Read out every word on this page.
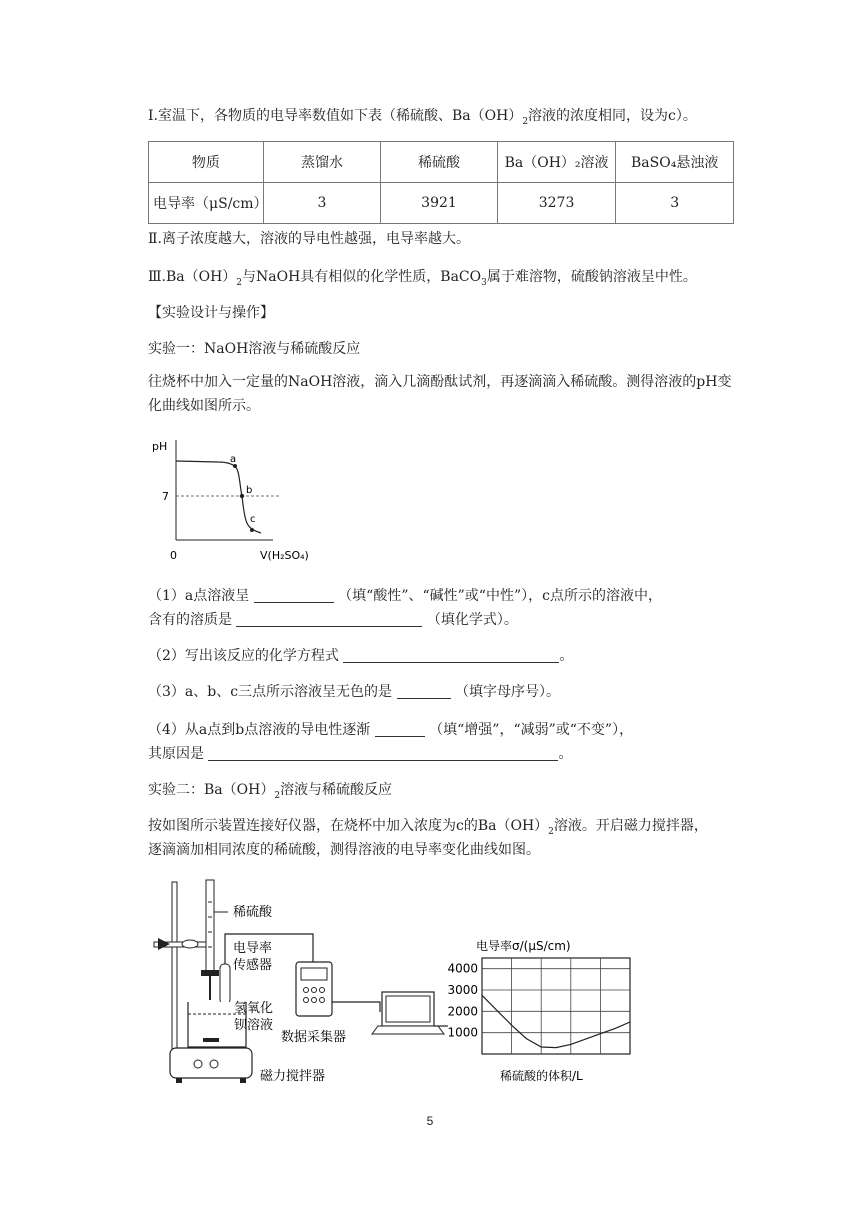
Ⅰ.室温下，各物质的电导率数值如下表（稀硫酸、$Ba(OH)_2$溶液的浓度相同，设为c）。
物质	蒸馏水	稀硫酸	Ba（OH）₂溶液	BaSO₄悬浊液
电导率（μS/cm）	3	3921	3273	3
Ⅱ.离子浓度越大，溶液的导电性越强，电导率越大。
$Ⅲ.Ba(OH)_2$与NaOH具有相似的化学性质，BaCO$_3$属于难溶物，硫酸钠溶液呈中性。
【实验设计与操作】
实验一：NaOH溶液与稀硫酸反应
往烧杯中加入一定量的NaOH溶液，滴入几滴酚酞试剂，再逐滴滴入稀硫酸。测得溶液的pH变化曲线如图所示。
pH
7
0	V(H₂SO₄)
a
b
c
（1）a点溶液呈	（填“酸性”、“碱性”或“中性”），c点所示的溶液中，
含有的溶质是	（填化学式）。
（2）写出该反应的化学方程式	。
（3）a、b、c三点所示溶液呈无色的是	（填字母序号）。
（4）从a点到b点溶液的导电性逐渐	（填“增强”，“减弱”或“不变”），
其原因是	。
实验二：$Ba(OH)_2$溶液与稀硫酸反应
按如图所示装置连接好仪器，在烧杯中加入浓度为c的$Ba(OH)_2$溶液。开启磁力搅拌器，
逐滴滴加相同浓度的稀硫酸，测得溶液的电导率变化曲线如图。
稀硫酸
电导率
传感器
氢氧化
钡溶液
数据采集器
磁力搅拌器
电导率σ/(μS/cm)
4000
3000
2000
1000
稀硫酸的体积/L
5
